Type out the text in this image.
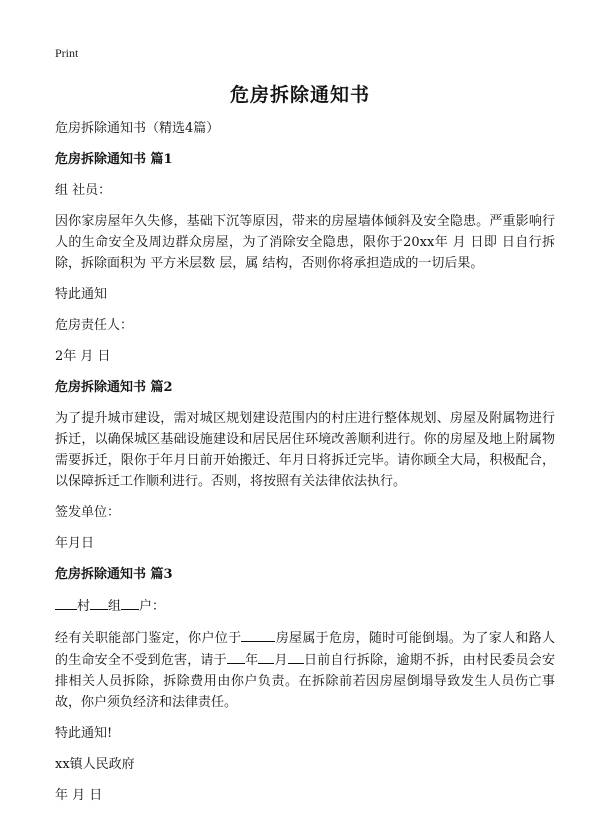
Print
危房拆除通知书

危房拆除通知书（精选4篇）

危房拆除通知书 篇1

组 社员：

因你家房屋年久失修，基础下沉等原因，带来的房屋墙体倾斜及安全隐患。严重影响行人的生命安全及周边群众房屋，为了消除安全隐患，限你于20xx年 月 日即 日自行拆除，拆除面积为 平方米层数 层，属 结构，否则你将承担造成的一切后果。

特此通知

危房责任人：

2年 月 日

危房拆除通知书 篇2

为了提升城市建设，需对城区规划建设范围内的村庄进行整体规划、房屋及附属物进行拆迁，以确保城区基础设施建设和居民居住环境改善顺利进行。你的房屋及地上附属物需要拆迁，限你于年月日前开始搬迁、年月日将拆迁完毕。请你顾全大局，积极配合，以保障拆迁工作顺利进行。否则，将按照有关法律依法执行。

签发单位：

年月日

危房拆除通知书 篇3

村 组 户：

经有关职能部门鉴定，你户位于	房屋属于危房，随时可能倒塌。为了家人和路人的生命安全不受到危害，请于 年 月 日前自行拆除，逾期不拆，由村民委员会安排相关人员拆除，拆除费用由你户负责。在拆除前若因房屋倒塌导致发生人员伤亡事故，你户须负经济和法律责任。

特此通知!

xx镇人民政府

年 月 日
